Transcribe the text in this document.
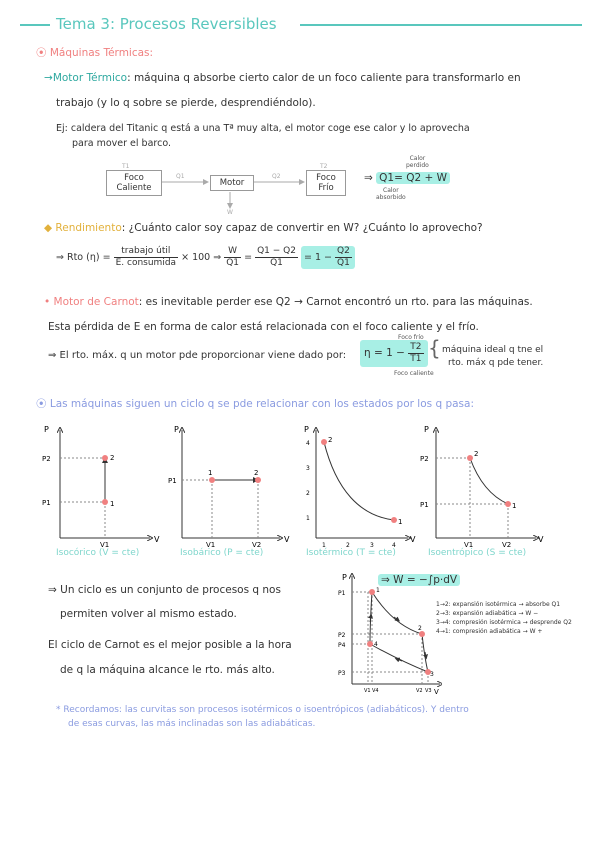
Tema 3: Procesos Reversibles
⦿ Máquinas Térmicas:
→Motor Térmico: máquina q absorbe cierto calor de un foco caliente para transformarlo en
trabajo (y lo q sobre se pierde, desprendiéndolo).
Ej: caldera del Titanic q está a una Tª muy alta, el motor coge ese calor y lo aprovecha
para mover el barco.
T1	T2
Q1	Q2
W
Foco
Caliente	Motor	Foco
Frío
⇒ Q1= Q2 + W
Calor
perdido
Calor
absorbido
◆ Rendimiento: ¿Cuánto calor soy capaz de convertir en W? ¿Cuánto lo aprovecho?
⇒ Rto $(\eta) = \frac{\text{trabajo útil}}{\text{E. consumida}} \times 100$ ⇒ $\frac{W}{Q1} = \frac{Q1 - Q2}{Q1} = 1 - \frac{Q2}{Q1}$
• Motor de Carnot: es inevitable perder ese Q2 → Carnot encontró un rto. para las máquinas.
Esta pérdida de E en forma de calor está relacionada con el foco caliente y el frío.
⇒ El rto. máx. q un motor pde proporcionar viene dado por:	$\eta = 1 - \frac{T2}{T1}$
Foco frío
Foco caliente
{ máquina ideal q tne el
rto. máx q pde tener.
⦿ Las máquinas siguen un ciclo q se pde relacionar con los estados por los q pasa:
P
V
P2
P1
V1
2
1
P
V
P1
V1	V2
1	2
P
V
4
3
2
1
1	2	3	4
2
1
P
V
P2
P1
V1	V2
2
1
Isocórico (V = cte)	Isobárico (P = cte)	Isotérmico (T = cte)	Isoentrópico (S = cte)
⇒ Un ciclo es un conjunto de procesos q nos
permiten volver al mismo estado.
El ciclo de Carnot es el mejor posible a la hora
de q la máquina alcance le rto. más alto.
⇒ W = −∫p·dV
1→2: expansión isotérmica → absorbe Q1
2→3: expansión adiabática → W −
3→4: compresión isotérmica → desprende Q2
4→1: compresión adiabática → W +
P
V
1
2
3
4
P1
P2
P4
P3
V1 V4	V2 V3
* Recordamos: las curvitas son procesos isotérmicos o isoentrópicos (adiabáticos). Y dentro
de esas curvas, las más inclinadas son las adiabáticas.
